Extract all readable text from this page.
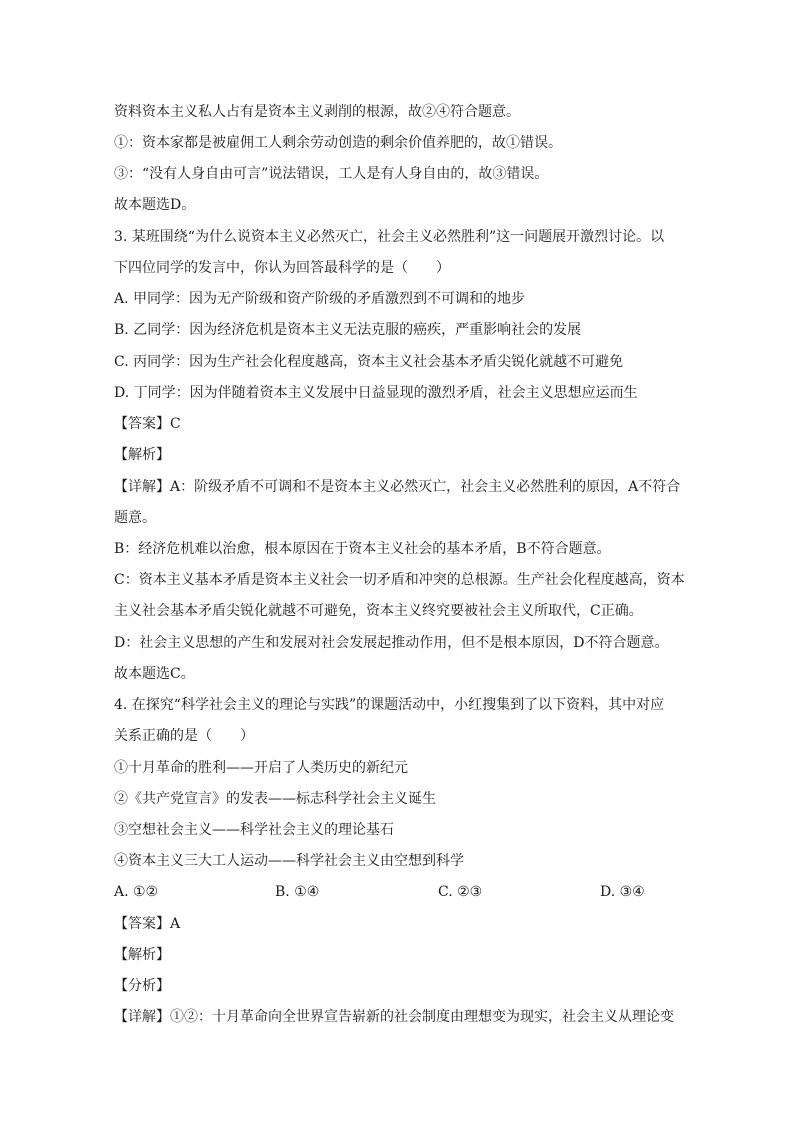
资料资本主义私人占有是资本主义剥削的根源，故②④符合题意。
①：资本家都是被雇佣工人剩余劳动创造的剩余价值养肥的，故①错误。
③：“没有人身自由可言”说法错误，工人是有人身自由的，故③错误。
故本题选D。
3. 某班围绕“为什么说资本主义必然灭亡，社会主义必然胜利”这一问题展开激烈讨论。以
下四位同学的发言中，你认为回答最科学的是（　　）
A. 甲同学：因为无产阶级和资产阶级的矛盾激烈到不可调和的地步
B. 乙同学：因为经济危机是资本主义无法克服的癌疾，严重影响社会的发展
C. 丙同学：因为生产社会化程度越高，资本主义社会基本矛盾尖锐化就越不可避免
D. 丁同学：因为伴随着资本主义发展中日益显现的激烈矛盾，社会主义思想应运而生
【答案】C
【解析】
【详解】A：阶级矛盾不可调和不是资本主义必然灭亡，社会主义必然胜利的原因，A不符合
题意。
B：经济危机难以治愈，根本原因在于资本主义社会的基本矛盾，B不符合题意。
C：资本主义基本矛盾是资本主义社会一切矛盾和冲突的总根源。生产社会化程度越高，资本
主义社会基本矛盾尖锐化就越不可避免，资本主义终究要被社会主义所取代，C正确。
D：社会主义思想的产生和发展对社会发展起推动作用，但不是根本原因，D不符合题意。
故本题选C。
4. 在探究“科学社会主义的理论与实践”的课题活动中，小红搜集到了以下资料，其中对应
关系正确的是（　　）
①十月革命的胜利——开启了人类历史的新纪元
②《共产党宣言》的发表——标志科学社会主义诞生
③空想社会主义——科学社会主义的理论基石
④资本主义三大工人运动——科学社会主义由空想到科学
A. ①②	B. ①④	C. ②③	D. ③④
【答案】A
【解析】
【分析】
【详解】①②：十月革命向全世界宣告崭新的社会制度由理想变为现实，社会主义从理论变
